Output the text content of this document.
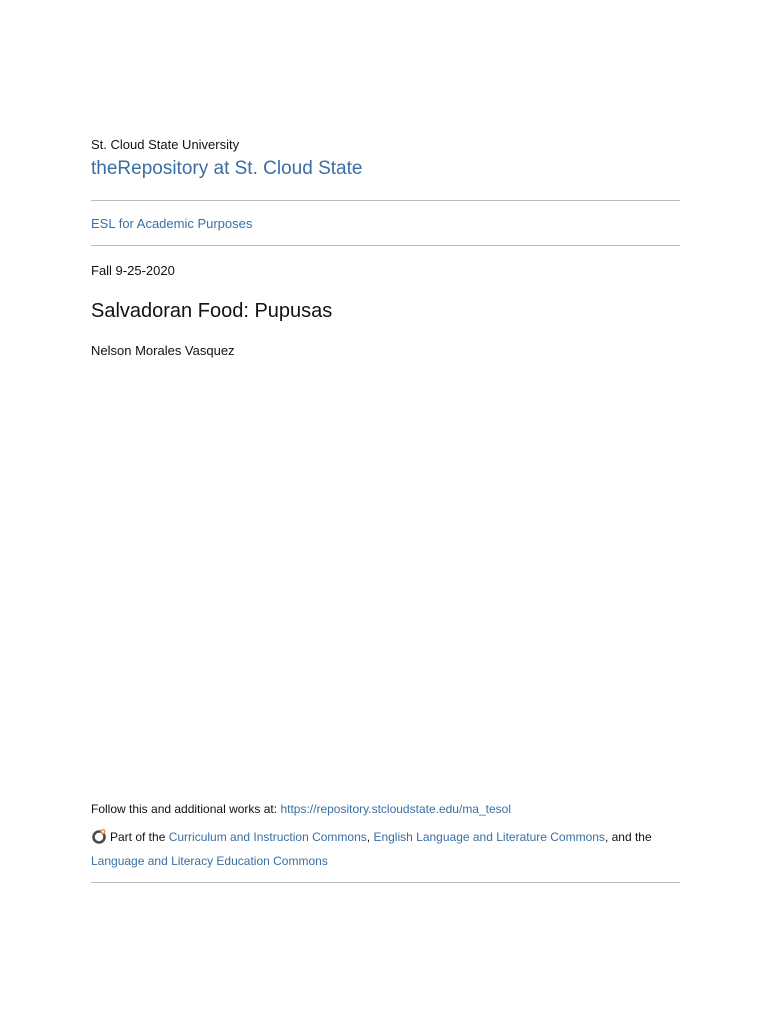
St. Cloud State University
theRepository at St. Cloud State
ESL for Academic Purposes
Fall 9-25-2020
Salvadoran Food: Pupusas
Nelson Morales Vasquez
Follow this and additional works at: https://repository.stcloudstate.edu/ma_tesol
Part of the Curriculum and Instruction Commons, English Language and Literature Commons, and the Language and Literacy Education Commons
